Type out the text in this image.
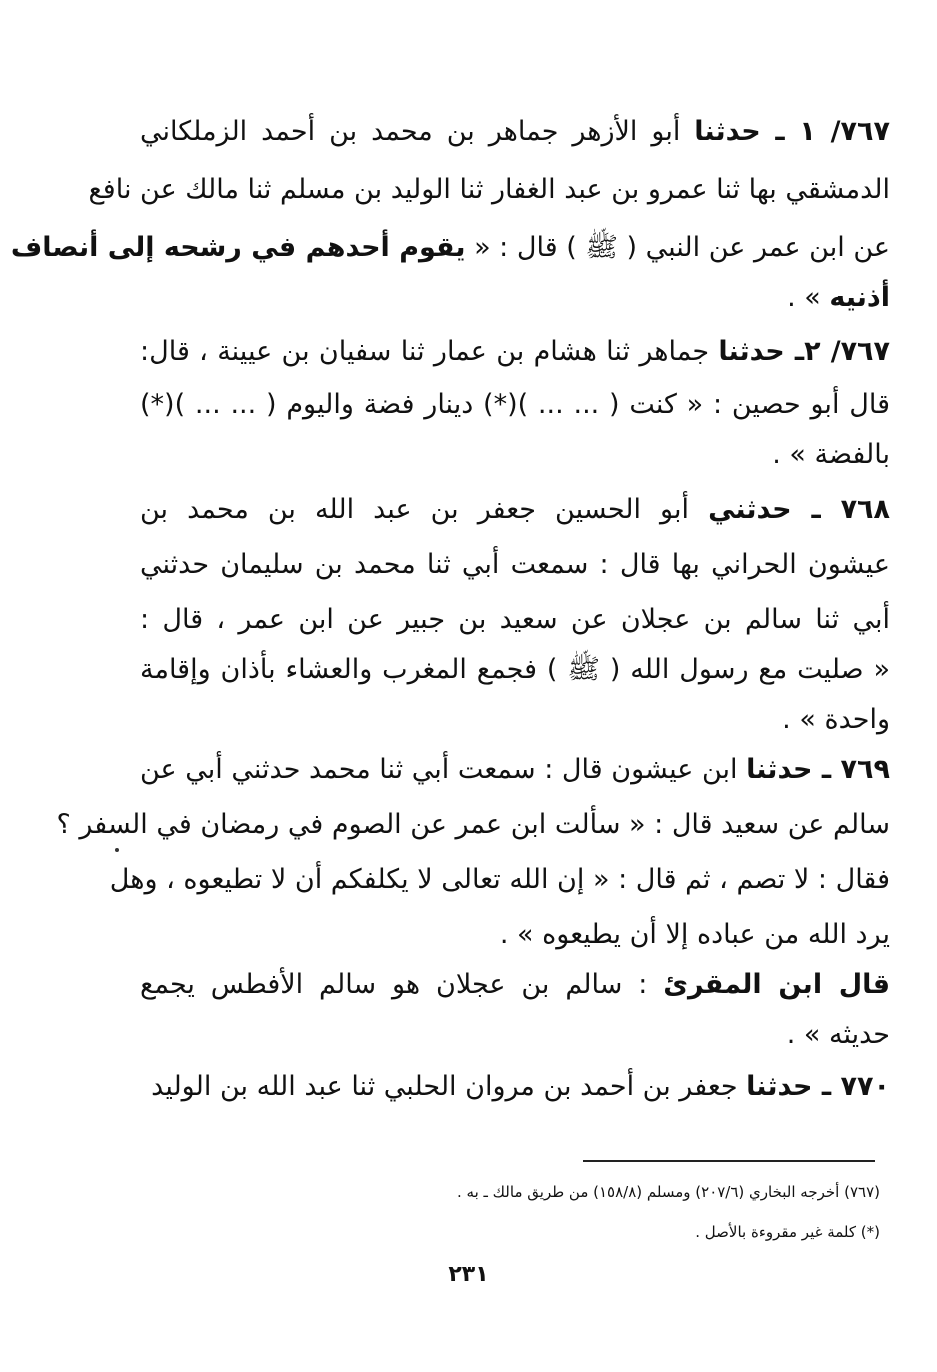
٧٦٧/ ١ ـ حدثنا أبو الأزهر جماهر بن محمد بن أحمد الزملكاني
الدمشقي بها ثنا عمرو بن عبد الغفار ثنا الوليد بن مسلم ثنا مالك عن نافع
عن ابن عمر عن النبي ( ﷺ ) قال : « يقوم أحدهم في رشحه إلى أنصاف
أذنيه » .
٧٦٧/ ٢ـ حدثنا جماهر ثنا هشام بن عمار ثنا سفيان بن عيينة ، قال:
قال أبو حصين : « كنت ( ... ... )(*) دينار فضة واليوم ( ... ... )(*)
بالفضة » .
٧٦٨ ـ حدثني أبو الحسين جعفر بن عبد الله بن محمد بن
عيشون الحراني بها قال : سمعت أبي ثنا محمد بن سليمان حدثني
أبي ثنا سالم بن عجلان عن سعيد بن جبير عن ابن عمر ، قال :
« صليت مع رسول الله ( ﷺ ) فجمع المغرب والعشاء بأذان وإقامة
واحدة » .
٧٦٩ ـ حدثنا ابن عيشون قال : سمعت أبي ثنا محمد حدثني أبي عن
سالم عن سعيد قال : « سألت ابن عمر عن الصوم في رمضان في السفر ؟
فقال : لا تصم ، ثم قال : « إن الله تعالى لا يكلفكم أن لا تطيعوه ، وهل
يرد الله من عباده إلا أن يطيعوه » .
قال ابن المقرئ : سالم بن عجلان هو سالم الأفطس يجمع
حديثه » .
٧٧٠ ـ حدثنا جعفر بن أحمد بن مروان الحلبي ثنا عبد الله بن الوليد
(٧٦٧) أخرجه البخاري (٢٠٧/٦) ومسلم (١٥٨/٨) من طريق مالك ـ به .
(*) كلمة غير مقروءة بالأصل .
٢٣١
